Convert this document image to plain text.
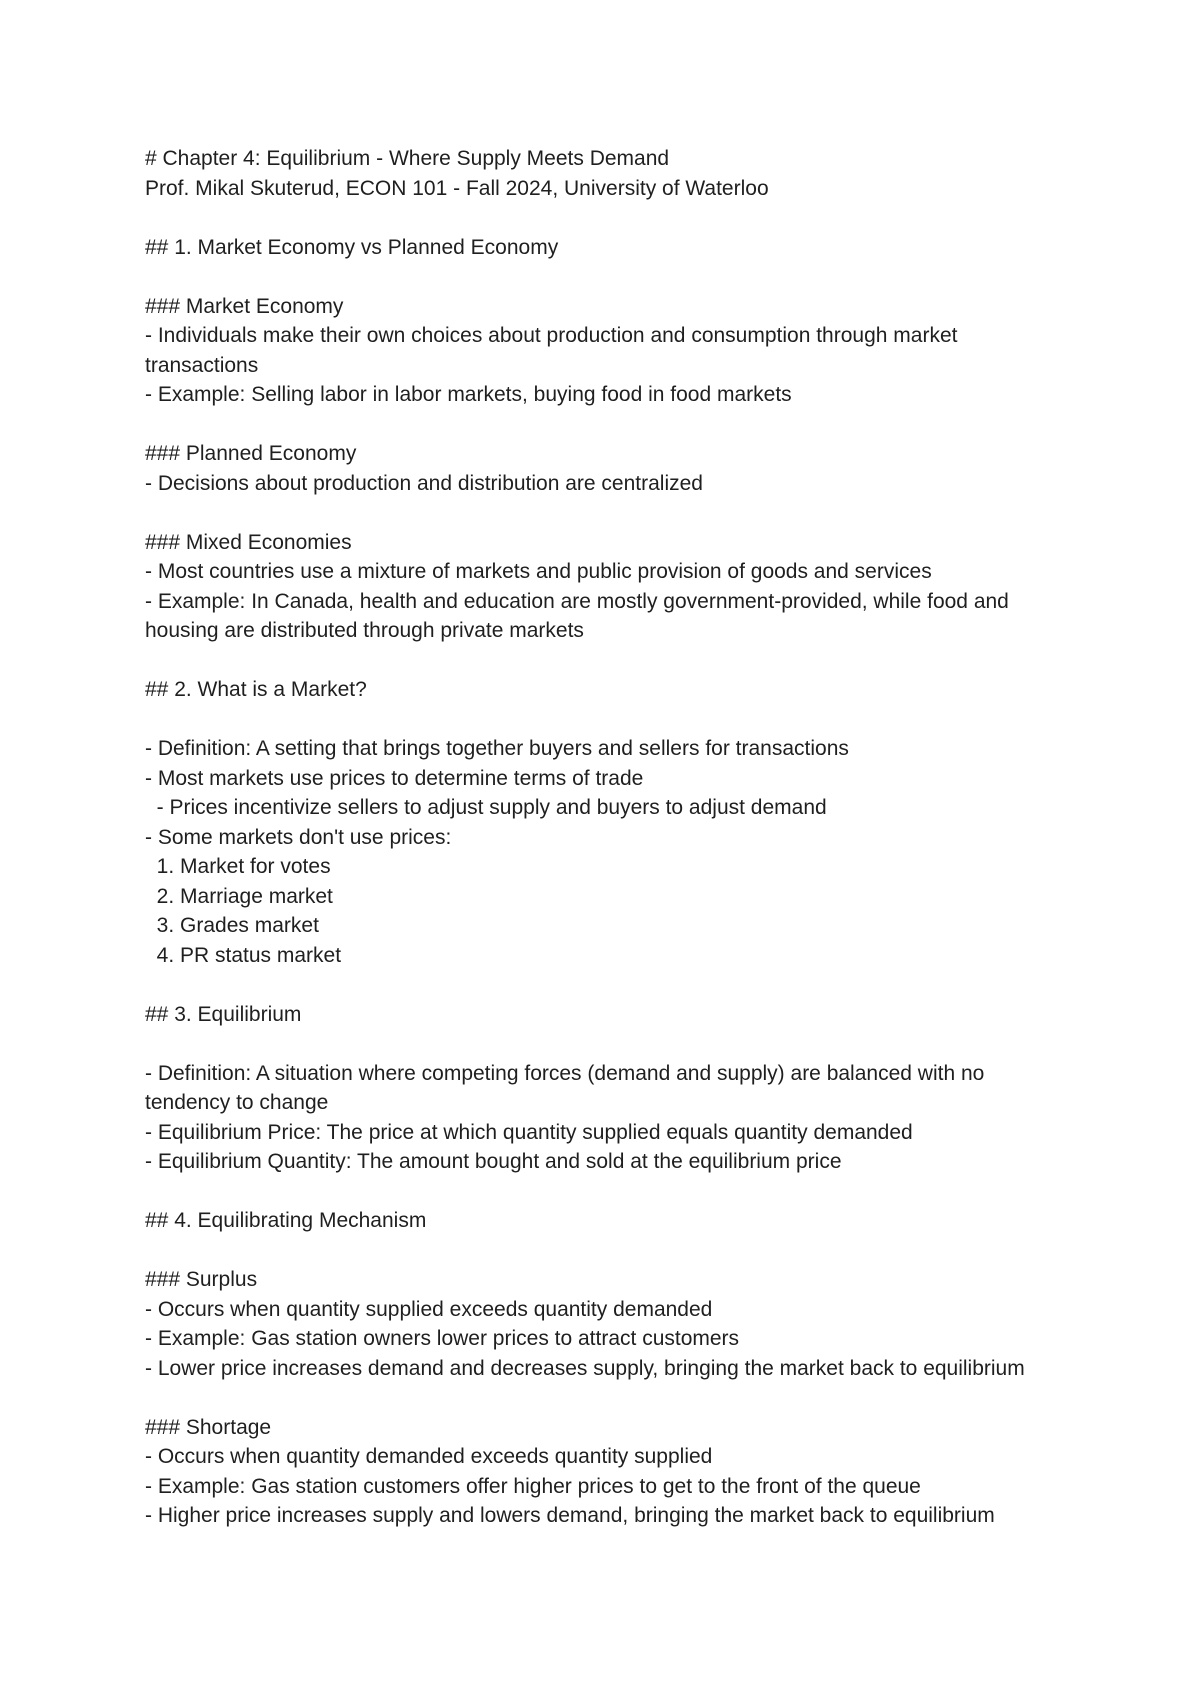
# Chapter 4: Equilibrium - Where Supply Meets Demand

Prof. Mikal Skuterud, ECON 101 - Fall 2024, University of Waterloo

## 1. Market Economy vs Planned Economy

### Market Economy

- Individuals make their own choices about production and consumption through market transactions

- Example: Selling labor in labor markets, buying food in food markets

### Planned Economy

- Decisions about production and distribution are centralized

### Mixed Economies

- Most countries use a mixture of markets and public provision of goods and services

- Example: In Canada, health and education are mostly government-provided, while food and housing are distributed through private markets

## 2. What is a Market?

- Definition: A setting that brings together buyers and sellers for transactions

- Most markets use prices to determine terms of trade

- Prices incentivize sellers to adjust supply and buyers to adjust demand

- Some markets don't use prices:

1. Market for votes

2. Marriage market

3. Grades market

4. PR status market

## 3. Equilibrium

- Definition: A situation where competing forces (demand and supply) are balanced with no tendency to change

- Equilibrium Price: The price at which quantity supplied equals quantity demanded

- Equilibrium Quantity: The amount bought and sold at the equilibrium price

## 4. Equilibrating Mechanism

### Surplus

- Occurs when quantity supplied exceeds quantity demanded

- Example: Gas station owners lower prices to attract customers

- Lower price increases demand and decreases supply, bringing the market back to equilibrium

### Shortage

- Occurs when quantity demanded exceeds quantity supplied

- Example: Gas station customers offer higher prices to get to the front of the queue

- Higher price increases supply and lowers demand, bringing the market back to equilibrium
